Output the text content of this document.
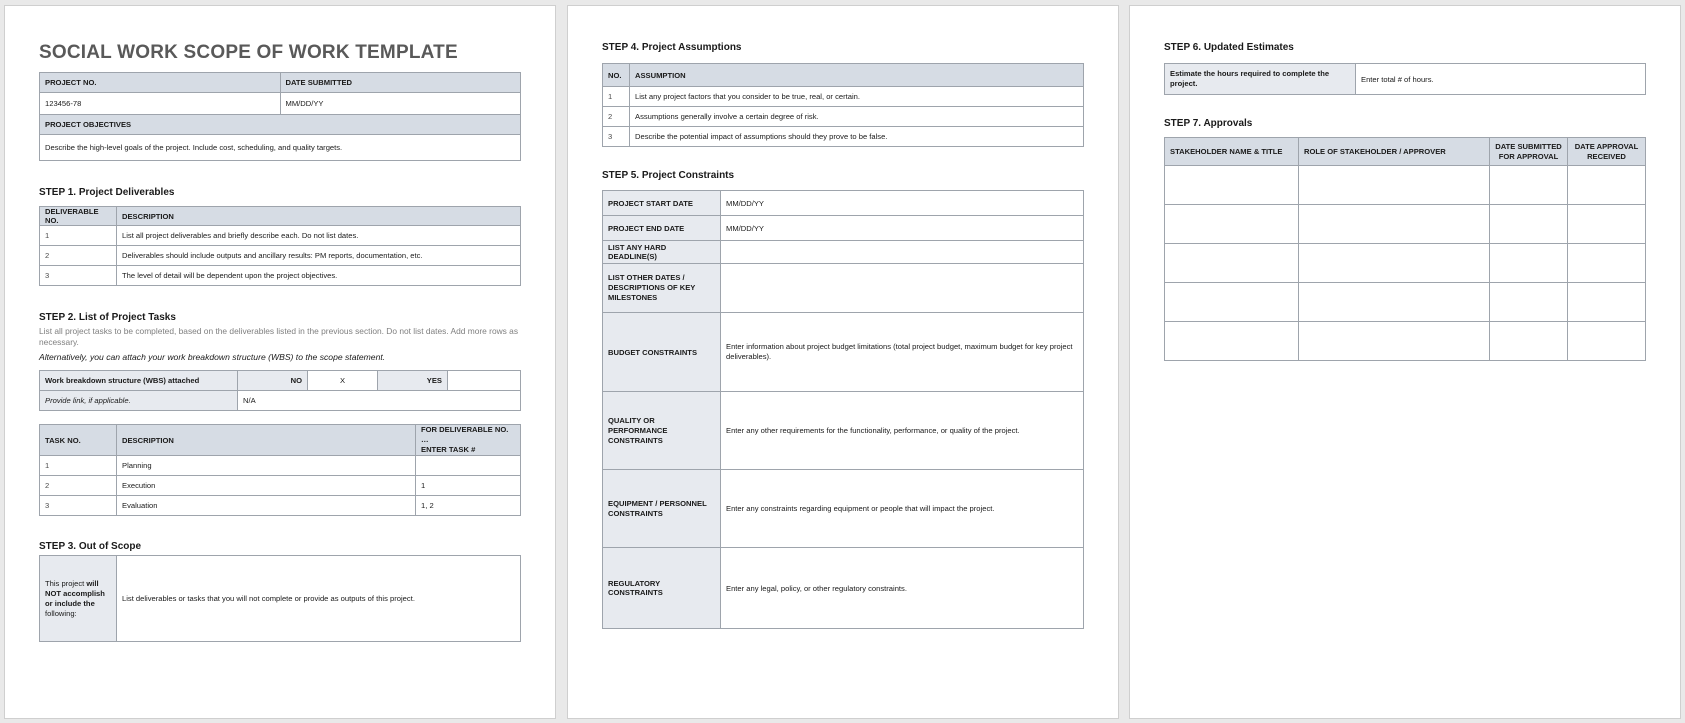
SOCIAL WORK SCOPE OF WORK TEMPLATE
PROJECT NO.	DATE SUBMITTED
123456-78	MM/DD/YY
PROJECT OBJECTIVES	
Describe the high-level goals of the project. Include cost, scheduling, and quality targets.	
STEP 1. Project Deliverables
DELIVERABLE NO.	DESCRIPTION
1	List all project deliverables and briefly describe each. Do not list dates.
2	Deliverables should include outputs and ancillary results: PM reports, documentation, etc.
3	The level of detail will be dependent upon the project objectives.
STEP 2. List of Project Tasks
List all project tasks to be completed, based on the deliverables listed in the previous section. Do not list dates. Add more rows as necessary.
Alternatively, you can attach your work breakdown structure (WBS) to the scope statement.
Work breakdown structure (WBS) attached	NO	X	YES	
Provide link, if applicable.	N/A			
TASK NO.	DESCRIPTION	FOR DELIVERABLE NO. …
ENTER TASK #

1	Planning	
2	Execution	1
3	Evaluation	1, 2
STEP 3. Out of Scope
This project will NOT accomplish or include the following:	List deliverables or tasks that you will not complete or provide as outputs of this project.
STEP 4. Project Assumptions
NO.	ASSUMPTION
1	List any project factors that you consider to be true, real, or certain.
2	Assumptions generally involve a certain degree of risk.
3	Describe the potential impact of assumptions should they prove to be false.
STEP 5. Project Constraints
PROJECT START DATE	MM/DD/YY
PROJECT END DATE	MM/DD/YY
LIST ANY HARD DEADLINE(S)	
LIST OTHER DATES / DESCRIPTIONS OF KEY MILESTONES	
BUDGET CONSTRAINTS	Enter information about project budget limitations (total project budget, maximum budget for key project deliverables).
QUALITY OR PERFORMANCE CONSTRAINTS	Enter any other requirements for the functionality, performance, or quality of the project.
EQUIPMENT / PERSONNEL CONSTRAINTS	Enter any constraints regarding equipment or people that will impact the project.
REGULATORY CONSTRAINTS	Enter any legal, policy, or other regulatory constraints.
STEP 6. Updated Estimates
Estimate the hours required to complete the project.	Enter total # of hours.
STEP 7. Approvals
STAKEHOLDER NAME & TITLE	ROLE OF STAKEHOLDER / APPROVER	DATE SUBMITTED FOR APPROVAL	DATE APPROVAL RECEIVED
